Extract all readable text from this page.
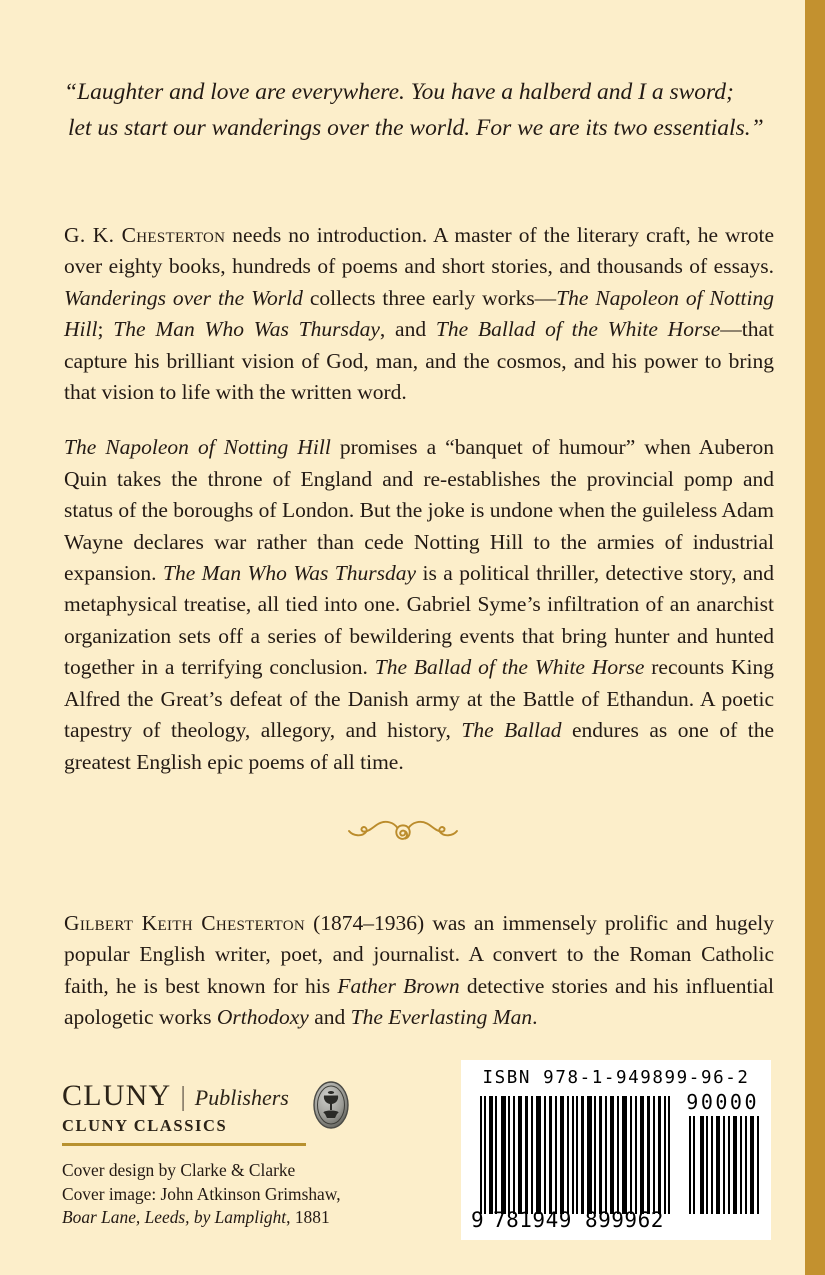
“Laughter and love are everywhere. You have a halberd and I a sword;
let us start our wanderings over the world. For we are its two essentials.”

G. K. Chesterton needs no introduction. A master of the literary craft, he wrote over eighty books, hundreds of poems and short stories, and thousands of essays. Wanderings over the World collects three early works—The Napoleon of Notting Hill; The Man Who Was Thursday, and The Ballad of the White Horse—that capture his brilliant vision of God, man, and the cosmos, and his power to bring that vision to life with the written word.

The Napoleon of Notting Hill promises a “banquet of humour” when Auberon Quin takes the throne of England and re-establishes the provincial pomp and status of the boroughs of London. But the joke is undone when the guileless Adam Wayne declares war rather than cede Notting Hill to the armies of industrial expansion. The Man Who Was Thursday is a political thriller, detective story, and metaphysical treatise, all tied into one. Gabriel Syme’s infiltration of an anarchist organization sets off a series of bewildering events that bring hunter and hunted together in a terrifying conclusion. The Ballad of the White Horse recounts King Alfred the Great’s defeat of the Danish army at the Battle of Ethandun. A poetic tapestry of theology, allegory, and history, The Ballad endures as one of the greatest English epic poems of all time.

Gilbert Keith Chesterton (1874–1936) was an immensely prolific and hugely popular English writer, poet, and journalist. A convert to the Roman Catholic faith, he is best known for his Father Brown detective stories and his influential apologetic works Orthodoxy and The Everlasting Man.

CLUNY | Publishers
CLUNY CLASSICS
Cover design by Clarke & Clarke
Cover image: John Atkinson Grimshaw,
Boar Lane, Leeds, by Lamplight, 1881
ISBN 978-1-949899-96-2
90000
9 781949 899962
